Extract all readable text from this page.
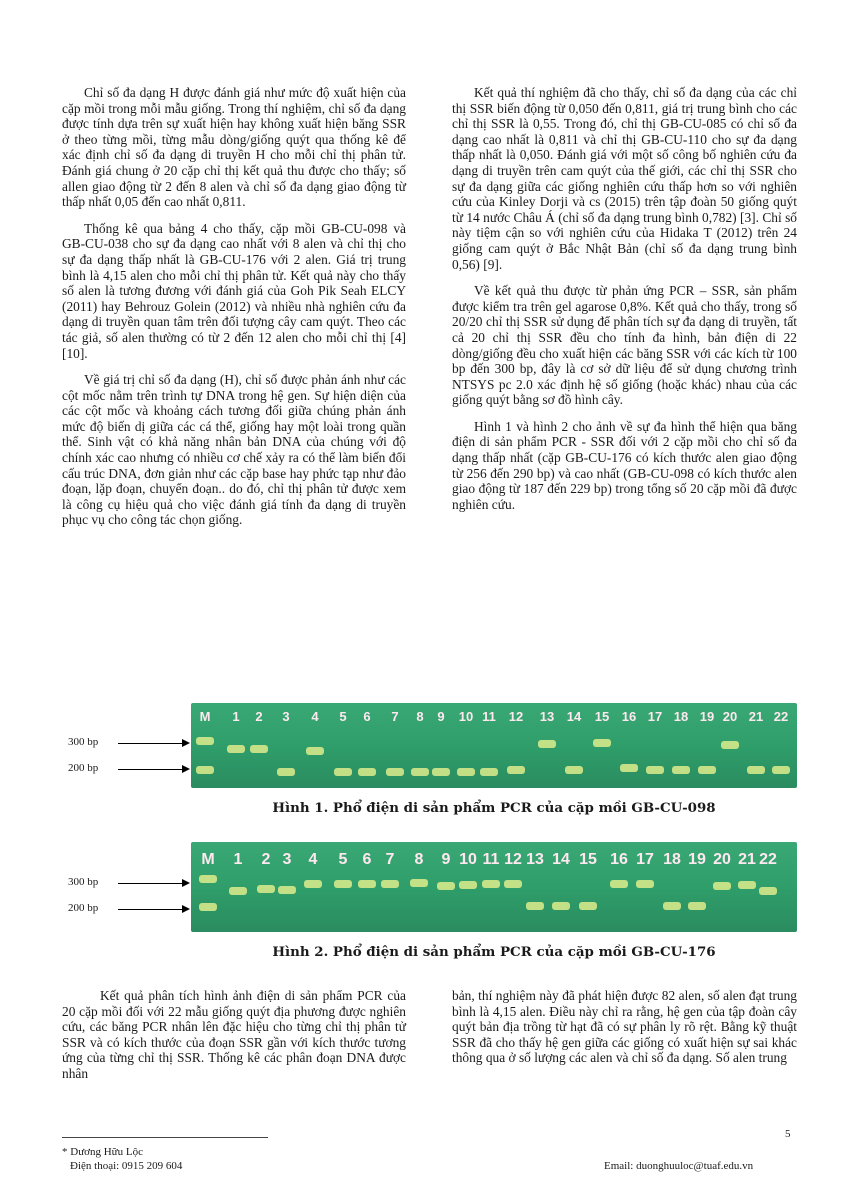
Chỉ số đa dạng H được đánh giá như mức độ xuất hiện của cặp mồi trong mỗi mẫu giống. Trong thí nghiệm, chỉ số đa dạng được tính dựa trên sự xuất hiện hay không xuất hiện băng SSR ở theo từng mồi, từng mẫu dòng/giống quýt qua thống kê để xác định chỉ số đa dạng di truyền H cho mỗi chỉ thị phân tử. Đánh giá chung ở 20 cặp chỉ thị kết quả thu được cho thấy; số allen giao động từ 2 đến 8 alen và chỉ số đa dạng giao động từ thấp nhất 0,05 đến cao nhất 0,811.

Thống kê qua bảng 4 cho thấy, cặp mồi GB-CU-098 và GB-CU-038 cho sự đa dạng cao nhất với 8 alen và chỉ thị cho sự đa dạng thấp nhất là GB-CU-176 với 2 alen. Giá trị trung bình là 4,15 alen cho mỗi chỉ thị phân tử. Kết quả này cho thấy số alen là tương đương với đánh giá của Goh Pik Seah ELCY (2011) hay Behrouz Golein (2012) và nhiều nhà nghiên cứu đa dạng di truyền quan tâm trên đối tượng cây cam quýt. Theo các tác giả, số alen thường có từ 2 đến 12 alen cho mỗi chỉ thị [4] [10].

Về giá trị chỉ số đa dạng (H), chỉ số được phản ánh như các cột mốc nằm trên trình tự DNA trong hệ gen. Sự hiện diện của các cột mốc và khoảng cách tương đối giữa chúng phản ánh mức độ biến dị giữa các cá thể, giống hay một loài trong quần thể. Sinh vật có khả năng nhân bản DNA của chúng với độ chính xác cao nhưng có nhiều cơ chế xảy ra có thể làm biến đổi cấu trúc DNA, đơn giản như các cặp base hay phức tạp như đảo đoạn, lặp đoạn, chuyển đoạn.. do đó, chỉ thị phân tử được xem là công cụ hiệu quả cho việc đánh giá tính đa dạng di truyền phục vụ cho công tác chọn giống.

Kết quả thí nghiệm đã cho thấy, chỉ số đa dạng của các chỉ thị SSR biến động từ 0,050 đến 0,811, giá trị trung bình cho các chỉ thị SSR là 0,55. Trong đó, chỉ thị GB-CU-085 có chỉ số đa dạng cao nhất là 0,811 và chỉ thị GB-CU-110 cho sự đa dạng thấp nhất là 0,050. Đánh giá với một số công bố nghiên cứu đa dạng di truyền trên cam quýt của thế giới, các chỉ thị SSR cho sự đa dạng giữa các giống nghiên cứu thấp hơn so với nghiên cứu của Kinley Dorji và cs (2015) trên tập đoàn 50 giống quýt từ 14 nước Châu Á (chỉ số đa dạng trung bình 0,782) [3]. Chỉ số này tiệm cận so với nghiên cứu của Hidaka T (2012) trên 24 giống cam quýt ở Bắc Nhật Bản (chỉ số đa dạng trung bình 0,56) [9].

Về kết quả thu được từ phản ứng PCR – SSR, sản phẩm được kiểm tra trên gel agarose 0,8%. Kết quả cho thấy, trong số 20/20 chỉ thị SSR sử dụng để phân tích sự đa dạng di truyền, tất cả 20 chỉ thị SSR đều cho tính đa hình, bản điện di 22 dòng/giống đều cho xuất hiện các băng SSR với các kích từ 100 bp đến 300 bp, đây là cơ sở dữ liệu để sử dụng chương trình NTSYS pc 2.0 xác định hệ số giống (hoặc khác) nhau của các giống quýt bằng sơ đồ hình cây.

Hình 1 và hình 2 cho ảnh về sự đa hình thể hiện qua băng điện di sản phẩm PCR - SSR đối với 2 cặp mồi cho chỉ số đa dạng thấp nhất (cặp GB-CU-176 có kích thước alen giao động từ 256 đến 290 bp) và cao nhất (GB-CU-098 có kích thước alen giao động từ 187 đến 229 bp) trong tổng số 20 cặp mồi đã được nghiên cứu.

300 bp
200 bp
M 1 2 3 4 5 6 7 8 9 10 11 12 13 14 15 16 17 18 19 20 21 22
Hình 1. Phổ điện di sản phẩm PCR của cặp mồi GB-CU-098
300 bp
200 bp
M 1 2 3 4 5 6 7 8 9 10 11 12 13 14 15 16 17 18 19 20 21 22
Hình 2. Phổ điện di sản phẩm PCR của cặp mồi GB-CU-176

Kết quả phân tích hình ảnh điện di sản phẩm PCR của 20 cặp mồi đối với 22 mẫu giống quýt địa phương được nghiên cứu, các băng PCR nhân lên đặc hiệu cho từng chỉ thị phân tử SSR và có kích thước của đoạn SSR gần với kích thước tương ứng của từng chỉ thị SSR. Thống kê các phân đoạn DNA được nhân

bản, thí nghiệm này đã phát hiện được 82 alen, số alen đạt trung bình là 4,15 alen. Điều này chỉ ra rằng, hệ gen của tập đoàn cây quýt bản địa trồng từ hạt đã có sự phân ly rõ rệt. Bằng kỹ thuật SSR đã cho thấy hệ gen giữa các giống có xuất hiện sự sai khác thông qua ở số lượng các alen và chỉ số đa dạng. Số alen trung

5
* Dương Hữu Lộc
Điện thoại: 0915 209 604	Email: duonghuuloc@tuaf.edu.vn
